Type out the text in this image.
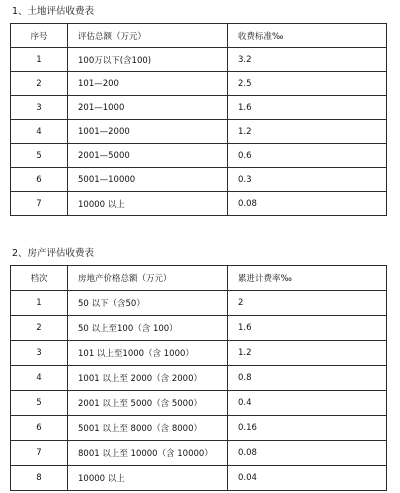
1、土地评估收费表
序号	评估总额（万元）	收费标准‰
1	100万以下(含100)	3.2
2	101—200	2.5
3	201—1000	1.6
4	1001—2000	1.2
5	2001—5000	0.6
6	5001—10000	0.3
7	10000 以上	0.08
2、房产评估收费表
档次	房地产价格总额（万元）	累进计费率‰
1	50 以下（含50）	2
2	50 以上至100（含 100）	1.6
3	101 以上至1000（含 1000）	1.2
4	1001 以上至 2000（含 2000）	0.8
5	2001 以上至 5000（含 5000）	0.4
6	5001 以上至 8000（含 8000）	0.16
7	8001 以上至 10000（含 10000）	0.08
8	10000 以上	0.04
